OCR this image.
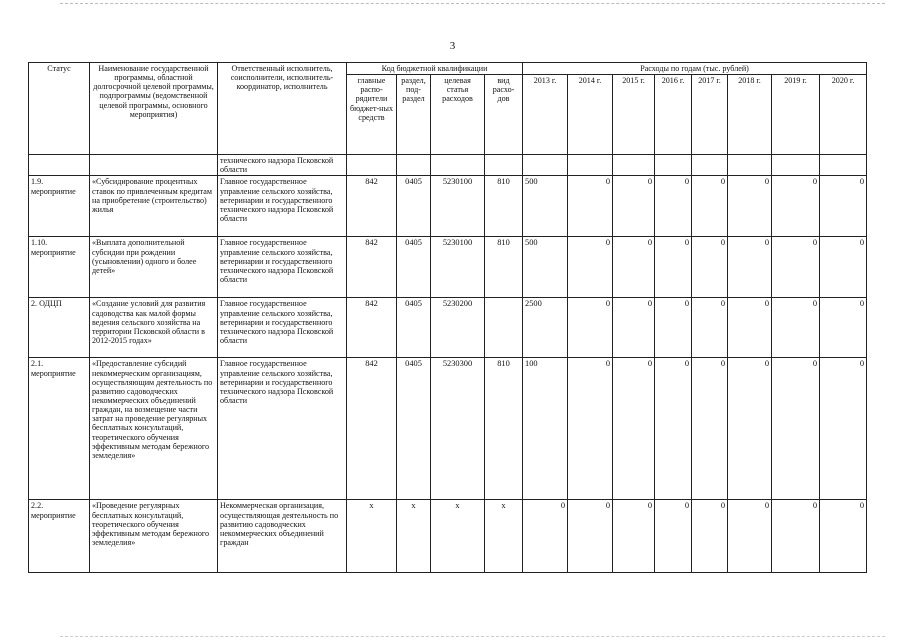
3
Статус	Наименование государственной программы, областной долгосрочной целевой программы, подпрограммы (ведомственной целевой программы, основного мероприятия)	Ответственный исполнитель, соисполнители, исполнитель-координатор, исполнитель	Код бюджетной квалификации				Расходы по годам (тыс. рублей)							
			главные распо-рядители бюджет-ных средств	раздел, под-раздел	целевая статья расходов	вид расхо-дов	2013 г.	2014 г.	2015 г.	2016 г.	2017 г.	2018 г.	2019 г.	2020 г.
		технического надзора Псковской области												
1.9. мероприятие	«Субсидирование процентных ставок по привлеченным кредитам на приобретение (строительство) жилья	Главное государственное управление сельского хозяйства, ветеринарии и государственного технического надзора Псковской области	842	0405	5230100	810	500	0	0	0	0	0	0	0
1.10. мероприятие	«Выплата дополнительной субсидии при рождении (усыновлении) одного и более детей»	Главное государственное управление сельского хозяйства, ветеринарии и государственного технического надзора Псковской области	842	0405	5230100	810	500	0	0	0	0	0	0	0
2. ОДЦП	«Создание условий для развития садоводства как малой формы ведения сельского хозяйства на территории Псковской области в 2012-2015 годах»	Главное государственное управление сельского хозяйства, ветеринарии и государственного технического надзора Псковской области	842	0405	5230200		2500	0	0	0	0	0	0	0
2.1. мероприятие	«Предоставление субсидий некоммерческим организациям, осуществляющим деятельность по развитию садоводческих некоммерческих объединений граждан, на возмещение части затрат на проведение регулярных бесплатных консультаций, теоретического обучения эффективным методам бережного земледелия»	Главное государственное управление сельского хозяйства, ветеринарии и государственного технического надзора Псковской области	842	0405	5230300	810	100	0	0	0	0	0	0	0
2.2. мероприятие	«Проведение регулярных бесплатных консультаций, теоретического обучения эффективным методам бережного земледелия»	Некоммерческая организация, осуществляющая деятельность по развитию садоводческих некоммерческих объединений граждан	х	х	х	х	0	0	0	0	0	0	0	0
